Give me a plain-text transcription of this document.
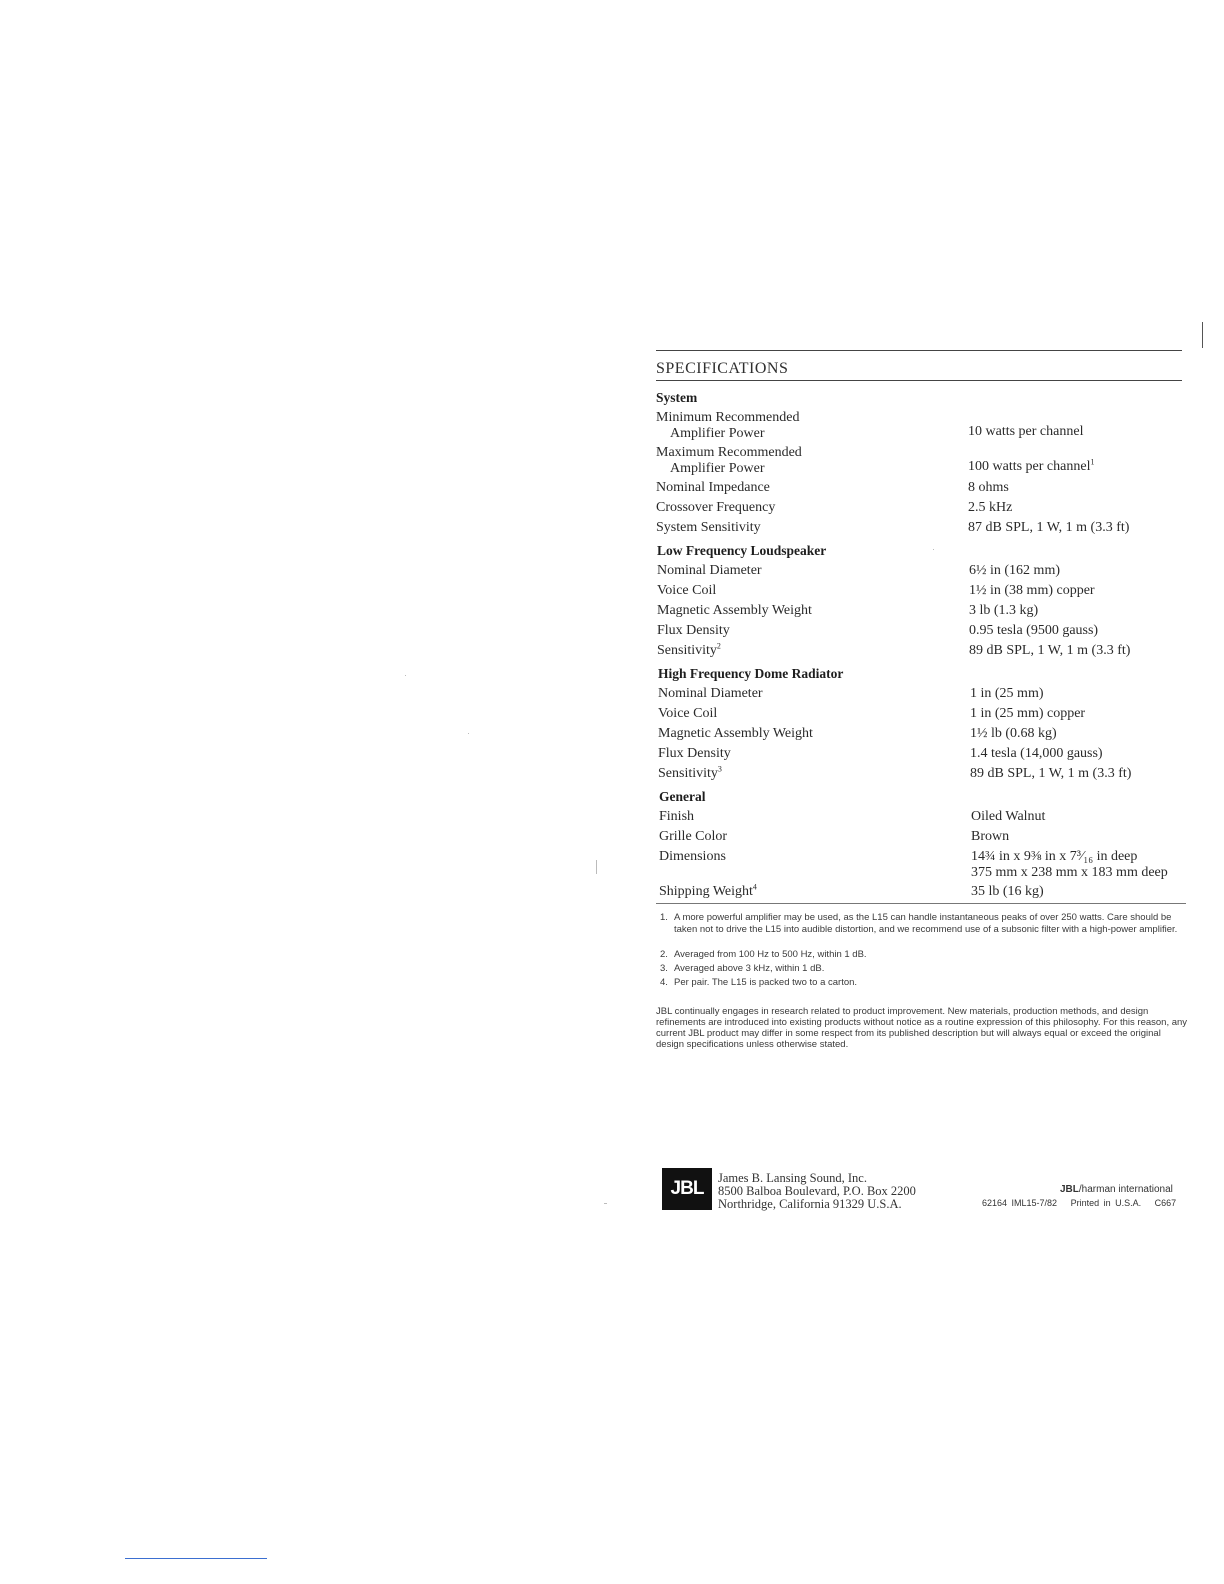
SPECIFICATIONS
System
Minimum Recommended
Amplifier Power	10 watts per channel
Maximum Recommended
Amplifier Power	100 watts per channel$^1$
Nominal Impedance	8 ohms
Crossover Frequency	2.5 kHz
System Sensitivity	87 dB SPL, 1 W, 1 m (3.3 ft)
Low Frequency Loudspeaker
Nominal Diameter	6½ in (162 mm)
Voice Coil	1½ in (38 mm) copper
Magnetic Assembly Weight	3 lb (1.3 kg)
Flux Density	0.95 tesla (9500 gauss)
Sensitivity$^2$	89 dB SPL, 1 W, 1 m (3.3 ft)
High Frequency Dome Radiator
Nominal Diameter	1 in (25 mm)
Voice Coil	1 in (25 mm) copper
Magnetic Assembly Weight	1½ lb (0.68 kg)
Flux Density	1.4 tesla (14,000 gauss)
Sensitivity$^3$	89 dB SPL, 1 W, 1 m (3.3 ft)
General
Finish	Oiled Walnut
Grille Color	Brown
Dimensions	14¾ in x 9⅜ in x 7³⁄₁₆ in deep
375 mm x 238 mm x 183 mm deep
Shipping Weight$^4$	35 lb (16 kg)
1. A more powerful amplifier may be used, as the L15 can handle instantaneous peaks of over 250 watts. Care should be taken not to drive the L15 into audible distortion, and we recommend use of a subsonic filter with a high-power amplifier.
2. Averaged from 100 Hz to 500 Hz, within 1 dB.
3. Averaged above 3 kHz, within 1 dB.
4. Per pair. The L15 is packed two to a carton.
JBL continually engages in research related to product improvement. New materials, production methods, and design refinements are introduced into existing products without notice as a routine expression of this philosophy. For this reason, any current JBL product may differ in some respect from its published description but will always equal or exceed the original design specifications unless otherwise stated.
JBL	James B. Lansing Sound, Inc.
8500 Balboa Boulevard, P.O. Box 2200
Northridge, California 91329 U.S.A.
JBL/harman international
62164 IML15-7/82 Printed in U.S.A. C667
